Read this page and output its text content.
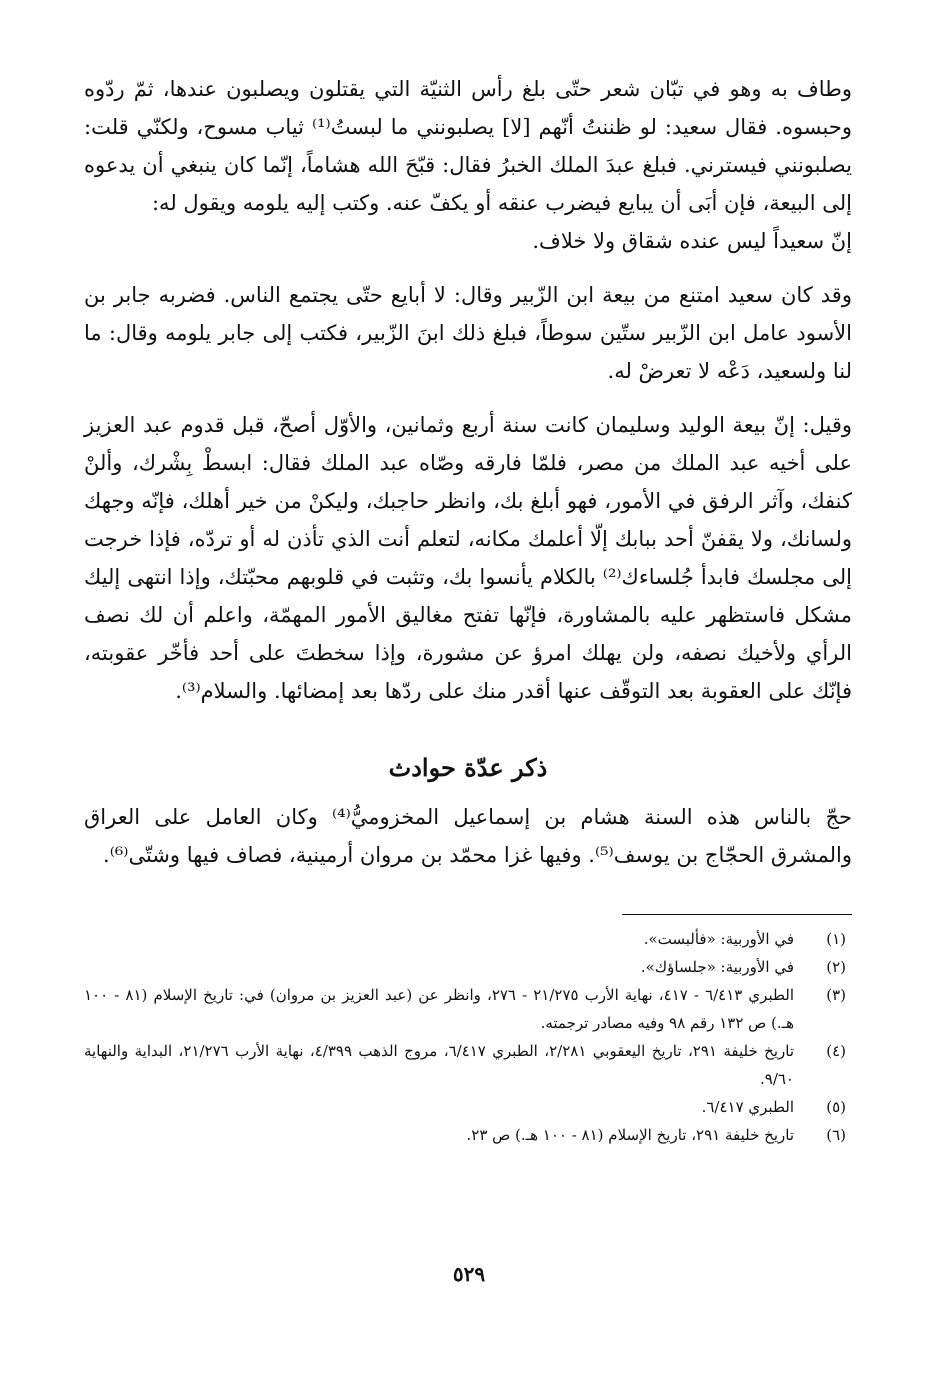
وطاف به وهو في تبّان شعر حتّى بلغ رأس الثنيّة التي يقتلون ويصلبون عندها، ثمّ ردّوه وحبسوه. فقال سعيد: لو ظننتُ أنّهم [لا] يصلبونني ما لبستُ⁽¹⁾ ثياب مسوح، ولكنّي قلت: يصلبونني فيسترني. فبلغ عبدَ الملك الخبرُ فقال: قبّحَ الله هشاماً، إنّما كان ينبغي أن يدعوه إلى البيعة، فإن أبَى أن يبايع فيضرب عنقه أو يكفّ عنه. وكتب إليه يلومه ويقول له:

إنّ سعيداً ليس عنده شقاق ولا خلاف.

وقد كان سعيد امتنع من بيعة ابن الزّبير وقال: لا أبايع حتّى يجتمع الناس. فضربه جابر بن الأسود عامل ابن الزّبير ستّين سوطاً، فبلغ ذلك ابنَ الزّبير، فكتب إلى جابر يلومه وقال: ما لنا ولسعيد، دَعْه لا تعرضْ له.

وقيل: إنّ بيعة الوليد وسليمان كانت سنة أربع وثمانين، والأوّل أصحّ، قبل قدوم عبد العزيز على أخيه عبد الملك من مصر، فلمّا فارقه وصّاه عبد الملك فقال: ابسطْ بِشْرك، وألنْ كنفك، وآثر الرفق في الأمور، فهو أبلغ بك، وانظر حاجبك، وليكنْ من خير أهلك، فإنّه وجهك ولسانك، ولا يقفنّ أحد ببابك إلّا أعلمك مكانه، لتعلم أنت الذي تأذن له أو تردّه، فإذا خرجت إلى مجلسك فابدأ جُلساءك⁽²⁾ بالكلام يأنسوا بك، وتثبت في قلوبهم محبّتك، وإذا انتهى إليك مشكل فاستظهر عليه بالمشاورة، فإنّها تفتح مغاليق الأمور المهمّة، واعلم أن لك نصف الرأي ولأخيك نصفه، ولن يهلك امرؤ عن مشورة، وإذا سخطتَ على أحد فأخّر عقوبته، فإنّك على العقوبة بعد التوقّف عنها أقدر منك على ردّها بعد إمضائها. والسلام⁽³⁾.

ذكر عدّة حوادث

حجّ بالناس هذه السنة هشام بن إسماعيل المخزوميُّ⁽⁴⁾ وكان العامل على العراق والمشرق الحجّاج بن يوسف⁽⁵⁾. وفيها غزا محمّد بن مروان أرمينية، فصاف فيها وشتّى⁽⁶⁾.

(١)
في الأوربية: «فألبست».
(٢)
في الأوربية: «جلساؤك».
(٣)
الطبري ٦/٤١٣ - ٤١٧، نهاية الأرب ٢١/٢٧٥ - ٢٧٦، وانظر عن (عبد العزيز بن مروان) في: تاريخ الإسلام (٨١ - ١٠٠ هـ.) ص ١٣٢ رقم ٩٨ وفيه مصادر ترجمته.
(٤)
تاريخ خليفة ٢٩١، تاريخ اليعقوبي ٢/٢٨١، الطبري ٦/٤١٧، مروج الذهب ٤/٣٩٩، نهاية الأرب ٢١/٢٧٦، البداية والنهاية ٩/٦٠.
(٥)
الطبري ٦/٤١٧.
(٦)
تاريخ خليفة ٢٩١، تاريخ الإسلام (٨١ - ١٠٠ هـ.) ص ٢٣.
٥٢٩
